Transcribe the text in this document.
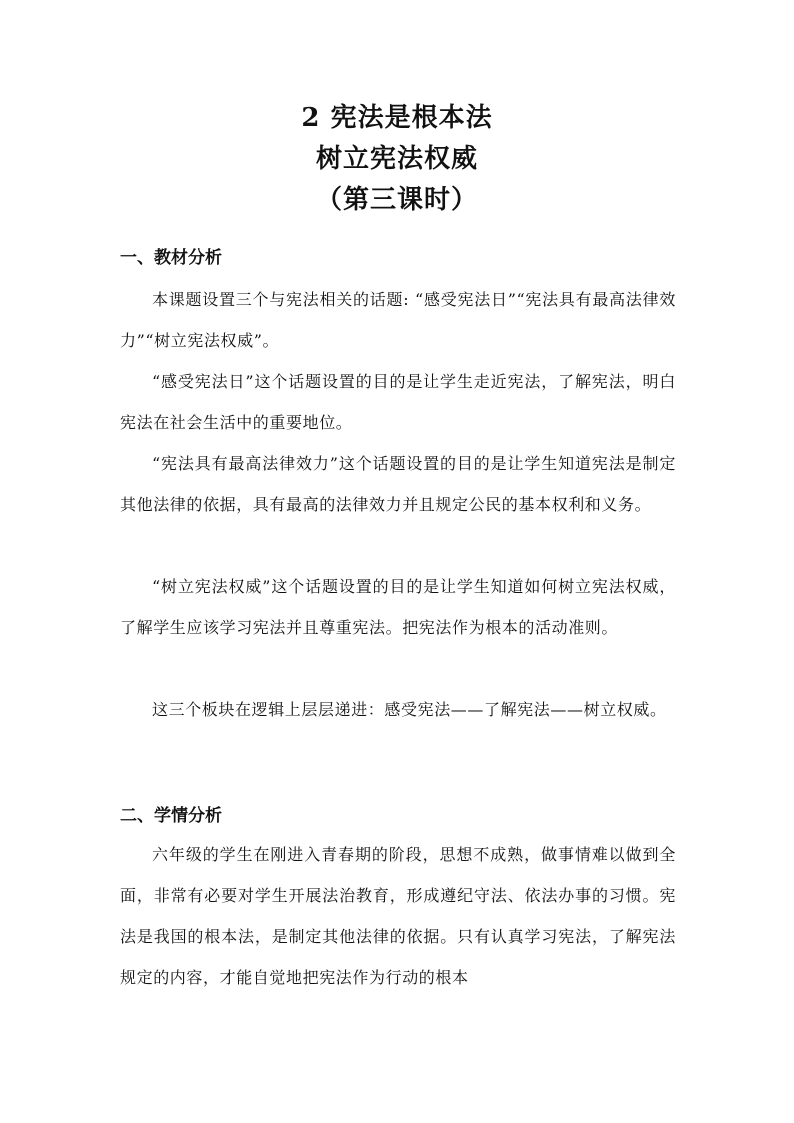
2 宪法是根本法
树立宪法权威
（第三课时）
一、教材分析

本课题设置三个与宪法相关的话题: “感受宪法日”“宪法具有最高法律效力”“树立宪法权威”。

“感受宪法日”这个话题设置的目的是让学生走近宪法，了解宪法，明白宪法在社会生活中的重要地位。

“宪法具有最高法律效力”这个话题设置的目的是让学生知道宪法是制定其他法律的依据，具有最高的法律效力并且规定公民的基本权利和义务。

“树立宪法权威”这个话题设置的目的是让学生知道如何树立宪法权威，了解学生应该学习宪法并且尊重宪法。把宪法作为根本的活动准则。

这三个板块在逻辑上层层递进：感受宪法——了解宪法——树立权威。

二、学情分析

六年级的学生在刚进入青春期的阶段，思想不成熟，做事情难以做到全面，非常有必要对学生开展法治教育，形成遵纪守法、依法办事的习惯。宪法是我国的根本法，是制定其他法律的依据。只有认真学习宪法，了解宪法规定的内容，才能自觉地把宪法作为行动的根本
